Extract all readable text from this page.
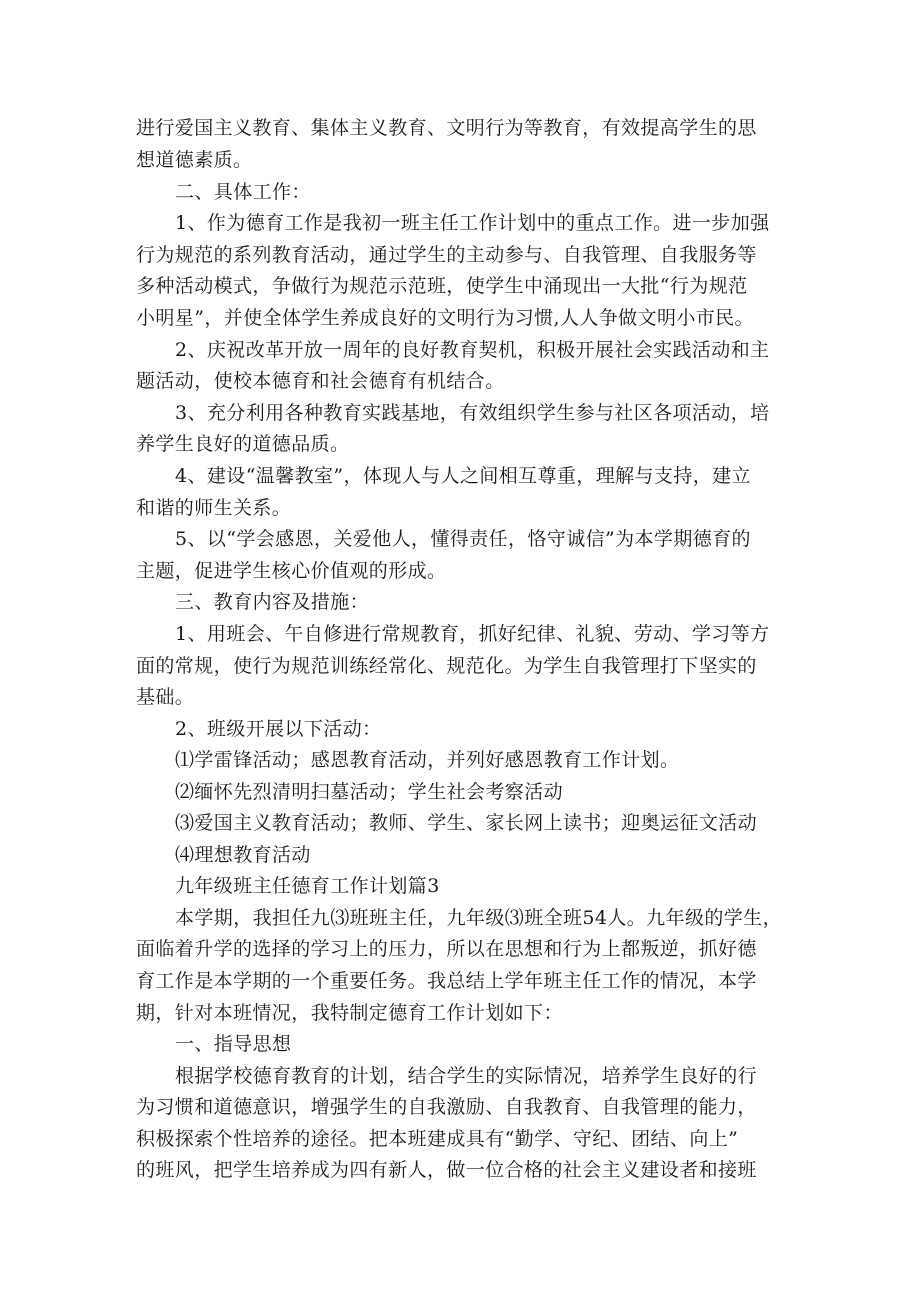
进行爱国主义教育、集体主义教育、文明行为等教育，有效提高学生的思
想道德素质。
二、具体工作：
1、作为德育工作是我初一班主任工作计划中的重点工作。进一步加强
行为规范的系列教育活动，通过学生的主动参与、自我管理、自我服务等
多种活动模式，争做行为规范示范班，使学生中涌现出一大批“行为规范
小明星”，并使全体学生养成良好的文明行为习惯,人人争做文明小市民。
2、庆祝改革开放一周年的良好教育契机，积极开展社会实践活动和主
题活动，使校本德育和社会德育有机结合。
3、充分利用各种教育实践基地，有效组织学生参与社区各项活动，培
养学生良好的道德品质。
4、建设“温馨教室”，体现人与人之间相互尊重，理解与支持，建立
和谐的师生关系。
5、以“学会感恩，关爱他人，懂得责任，恪守诚信”为本学期德育的
主题，促进学生核心价值观的形成。
三、教育内容及措施：
1、用班会、午自修进行常规教育，抓好纪律、礼貌、劳动、学习等方
面的常规，使行为规范训练经常化、规范化。为学生自我管理打下坚实的
基础。
2、班级开展以下活动：
⑴学雷锋活动；感恩教育活动，并列好感恩教育工作计划。
⑵缅怀先烈清明扫墓活动；学生社会考察活动
⑶爱国主义教育活动；教师、学生、家长网上读书；迎奥运征文活动
⑷理想教育活动
九年级班主任德育工作计划篇3
本学期，我担任九⑶班班主任，九年级⑶班全班54人。九年级的学生，
面临着升学的选择的学习上的压力，所以在思想和行为上都叛逆，抓好德
育工作是本学期的一个重要任务。我总结上学年班主任工作的情况，本学
期，针对本班情况，我特制定德育工作计划如下：
一、指导思想
根据学校德育教育的计划，结合学生的实际情况，培养学生良好的行
为习惯和道德意识，增强学生的自我激励、自我教育、自我管理的能力，
积极探索个性培养的途径。把本班建成具有“勤学、守纪、团结、向上”
的班风，把学生培养成为四有新人，做一位合格的社会主义建设者和接班
